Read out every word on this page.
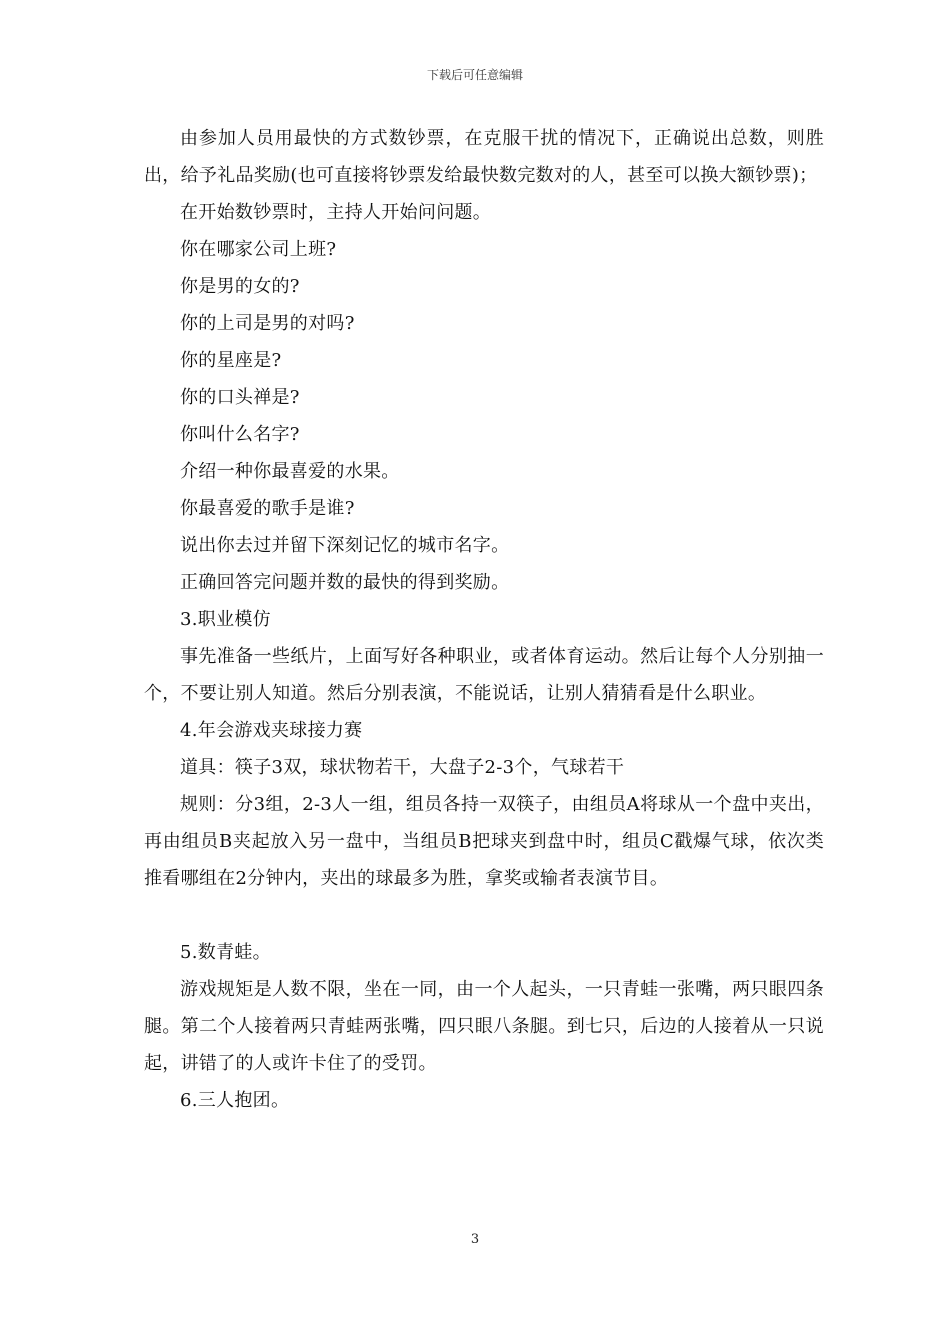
下载后可任意编辑

由参加人员用最快的方式数钞票，在克服干扰的情况下，正确说出总数，则胜出，给予礼品奖励(也可直接将钞票发给最快数完数对的人，甚至可以换大额钞票)；

在开始数钞票时，主持人开始问问题。

你在哪家公司上班?

你是男的女的?

你的上司是男的对吗?

你的星座是?

你的口头禅是?

你叫什么名字?

介绍一种你最喜爱的水果。

你最喜爱的歌手是谁?

说出你去过并留下深刻记忆的城市名字。

正确回答完问题并数的最快的得到奖励。

3.职业模仿

事先准备一些纸片，上面写好各种职业，或者体育运动。然后让每个人分别抽一个，不要让别人知道。然后分别表演，不能说话，让别人猜猜看是什么职业。

4.年会游戏夹球接力赛

道具：筷子3双，球状物若干，大盘子2-3个，气球若干

规则：分3组，2-3人一组，组员各持一双筷子，由组员A将球从一个盘中夹出，再由组员B夹起放入另一盘中，当组员B把球夹到盘中时，组员C戳爆气球，依次类推看哪组在2分钟内，夹出的球最多为胜，拿奖或输者表演节目。

5.数青蛙。

游戏规矩是人数不限，坐在一同，由一个人起头，一只青蛙一张嘴，两只眼四条腿。第二个人接着两只青蛙两张嘴，四只眼八条腿。到七只，后边的人接着从一只说起，讲错了的人或许卡住了的受罚。

6.三人抱团。

3
